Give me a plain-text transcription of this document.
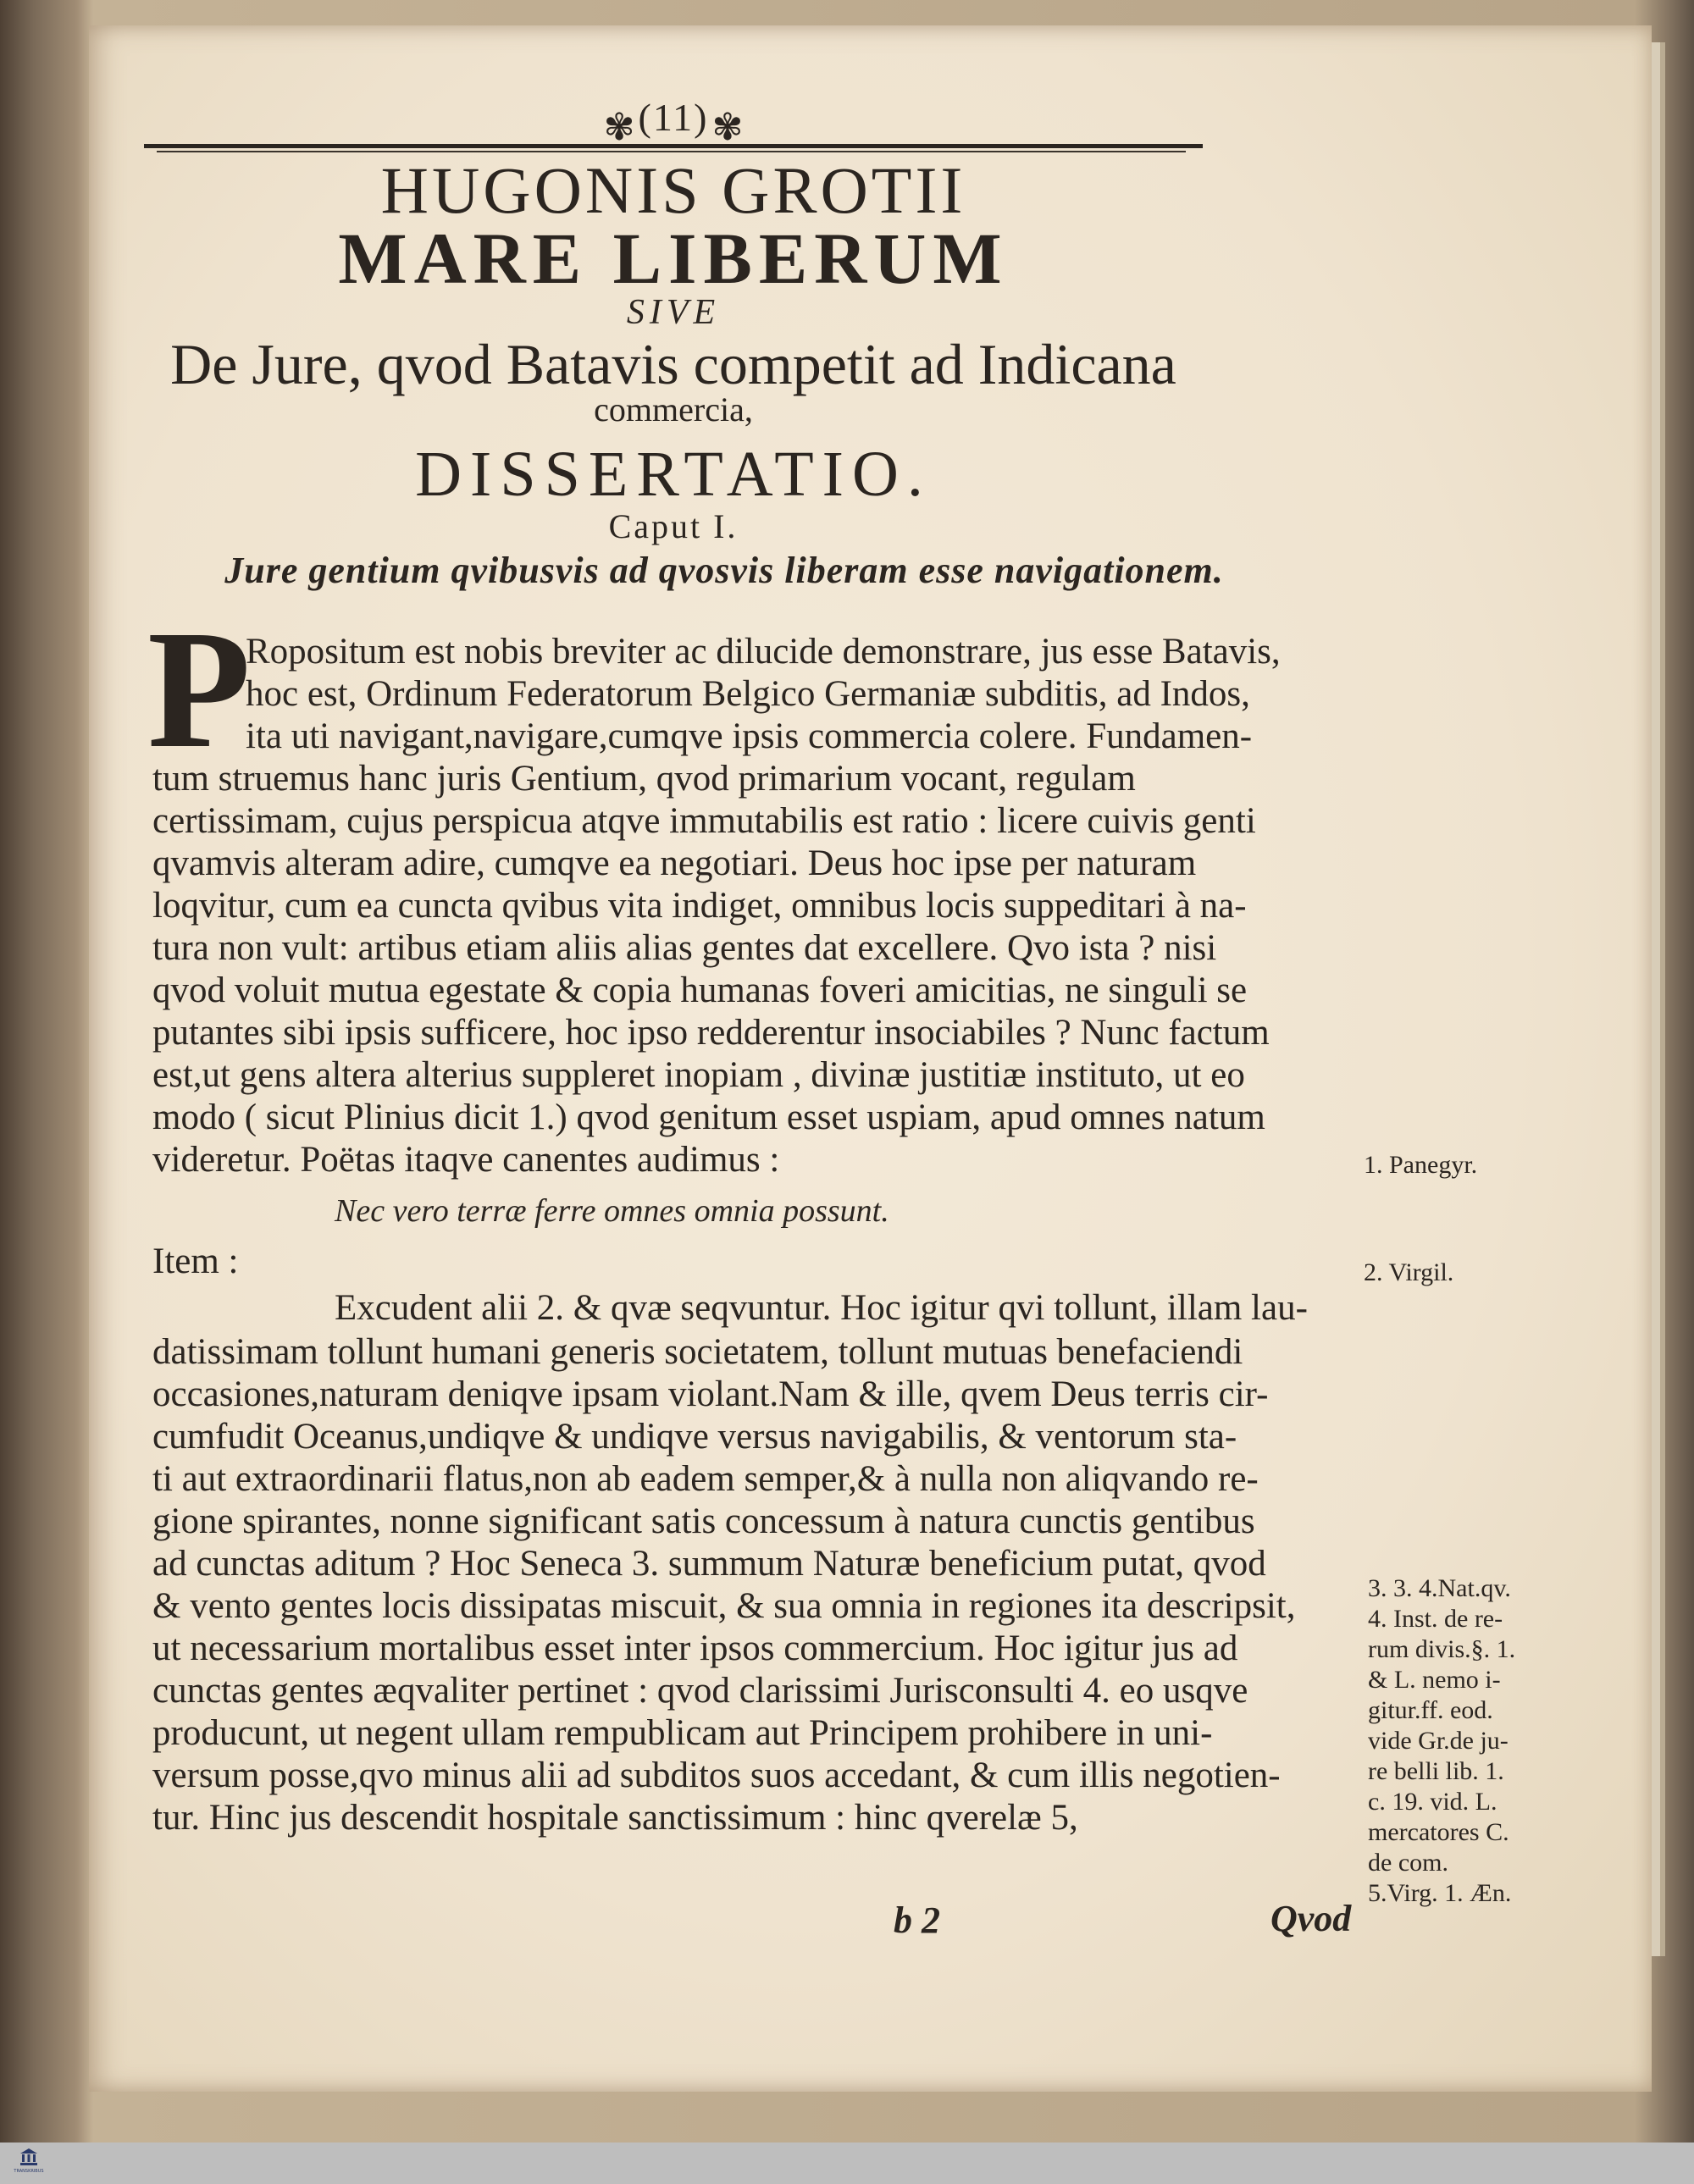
✾ (11) ✾
HUGONIS GROTII
MARE LIBERUM
SIVE
De Jure, qvod Batavis competit ad Indicana
commercia,
DISSERTATIO.
Caput I.
Jure gentium qvibusvis ad qvosvis liberam esse navigationem.
P
Ropositum est nobis breviter ac dilucide demonstrare, jus esse Batavis,
hoc est, Ordinum Federatorum Belgico Germaniæ subditis, ad Indos,
ita uti navigant,navigare,cumqve ipsis commercia colere. Fundamen-
tum struemus hanc juris Gentium, qvod primarium vocant, regulam
certissimam, cujus perspicua atqve immutabilis est ratio : licere cuivis genti
qvamvis alteram adire, cumqve ea negotiari. Deus hoc ipse per naturam
loqvitur, cum ea cuncta qvibus vita indiget, omnibus locis suppeditari à na-
tura non vult: artibus etiam aliis alias gentes dat excellere. Qvo ista ? nisi
qvod voluit mutua egestate & copia humanas foveri amicitias, ne singuli se
putantes sibi ipsis sufficere, hoc ipso redderentur insociabiles ? Nunc factum
est,ut gens altera alterius suppleret inopiam , divinæ justitiæ instituto, ut eo
modo ( sicut Plinius dicit 1.) qvod genitum esset uspiam, apud omnes natum
videretur. Poëtas itaqve canentes audimus :
Nec vero terræ ferre omnes omnia possunt.
Item :
Excudent alii 2. & qvæ seqvuntur. Hoc igitur qvi tollunt, illam lau-
datissimam tollunt humani generis societatem, tollunt mutuas benefaciendi
occasiones,naturam deniqve ipsam violant.Nam & ille, qvem Deus terris cir-
cumfudit Oceanus,undiqve & undiqve versus navigabilis, & ventorum sta-
ti aut extraordinarii flatus,non ab eadem semper,& à nulla non aliqvando re-
gione spirantes, nonne significant satis concessum à natura cunctis gentibus
ad cunctas aditum ? Hoc Seneca 3. summum Naturæ beneficium putat, qvod
& vento gentes locis dissipatas miscuit, & sua omnia in regiones ita descripsit,
ut necessarium mortalibus esset inter ipsos commercium. Hoc igitur jus ad
cunctas gentes æqvaliter pertinet : qvod clarissimi Jurisconsulti 4. eo usqve
producunt, ut negent ullam rempublicam aut Principem prohibere in uni-
versum posse,qvo minus alii ad subditos suos accedant, & cum illis negotien-
tur. Hinc jus descendit hospitale sanctissimum : hinc qverelæ 5,
1. Panegyr.
2. Virgil.
3. 3. 4.Nat.qv.
4. Inst. de re-
rum divis.§. 1.
& L. nemo i-
gitur.ff. eod.
vide Gr.de ju-
re belli lib. 1.
c. 19. vid. L.
mercatores C.
de com.
5.Virg. 1. Æn.
b 2	Qvod
TRANSKRIBUS
